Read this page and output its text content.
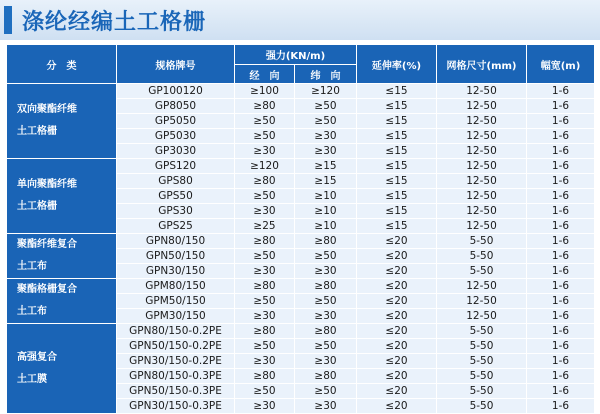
涤纶经编土工格栅
分　类	规格牌号	强力(KN/m)		延伸率(%)	网格尺寸(mm)	幅宽(m)
		经　向	纬　向			

双向聚酯纤维
土工格栅	GP100120	≥100	≥120	≤15	12-50	1-6
	GP8050	≥80	≥50	≤15	12-50	1-6
	GP5050	≥50	≥50	≤15	12-50	1-6
	GP5030	≥50	≥30	≤15	12-50	1-6
	GP3030	≥30	≥30	≤15	12-50	1-6

单向聚酯纤维
土工格栅	GPS120	≥120	≥15	≤15	12-50	1-6
	GPS80	≥80	≥15	≤15	12-50	1-6
	GPS50	≥50	≥10	≤15	12-50	1-6
	GPS30	≥30	≥10	≤15	12-50	1-6
	GPS25	≥25	≥10	≤15	12-50	1-6

聚酯纤维复合
土工布	GPN80/150	≥80	≥80	≤20	5-50	1-6
	GPN50/150	≥50	≥50	≤20	5-50	1-6
	GPN30/150	≥30	≥30	≤20	5-50	1-6

聚酯格栅复合
土工布	GPM80/150	≥80	≥80	≤20	12-50	1-6
	GPM50/150	≥50	≥50	≤20	12-50	1-6
	GPM30/150	≥30	≥30	≤20	12-50	1-6

高强复合
土工膜	GPN80/150-0.2PE	≥80	≥80	≤20	5-50	1-6
	GPN50/150-0.2PE	≥50	≥50	≤20	5-50	1-6
	GPN30/150-0.2PE	≥30	≥30	≤20	5-50	1-6
	GPN80/150-0.3PE	≥80	≥80	≤20	5-50	1-6
	GPN50/150-0.3PE	≥50	≥50	≤20	5-50	1-6
	GPN30/150-0.3PE	≥30	≥30	≤20	5-50	1-6
